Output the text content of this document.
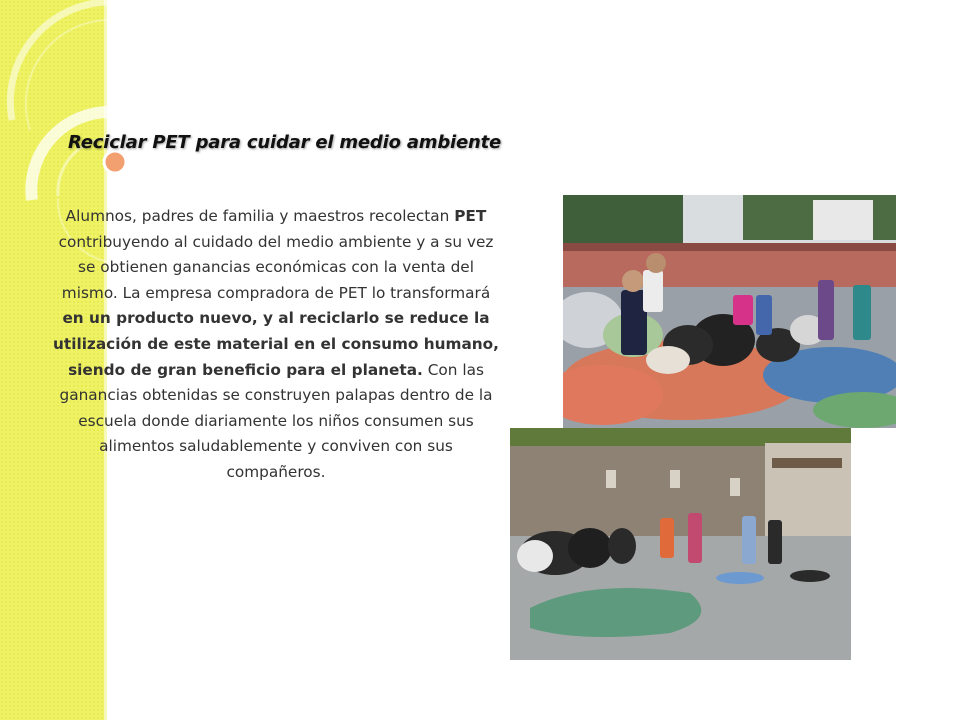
Reciclar PET para cuidar el medio ambiente

Alumnos, padres de familia y maestros recolectan PET contribuyendo al cuidado del medio ambiente y a su vez se obtienen ganancias económicas con la venta del mismo. La empresa compradora de PET lo transformará en un producto nuevo, y al reciclarlo se reduce la utilización de este material en el consumo humano, siendo de gran beneficio para el planeta. Con las ganancias obtenidas se construyen palapas dentro de la escuela donde diariamente los niños consumen sus alimentos saludablemente y conviven con sus compañeros.
